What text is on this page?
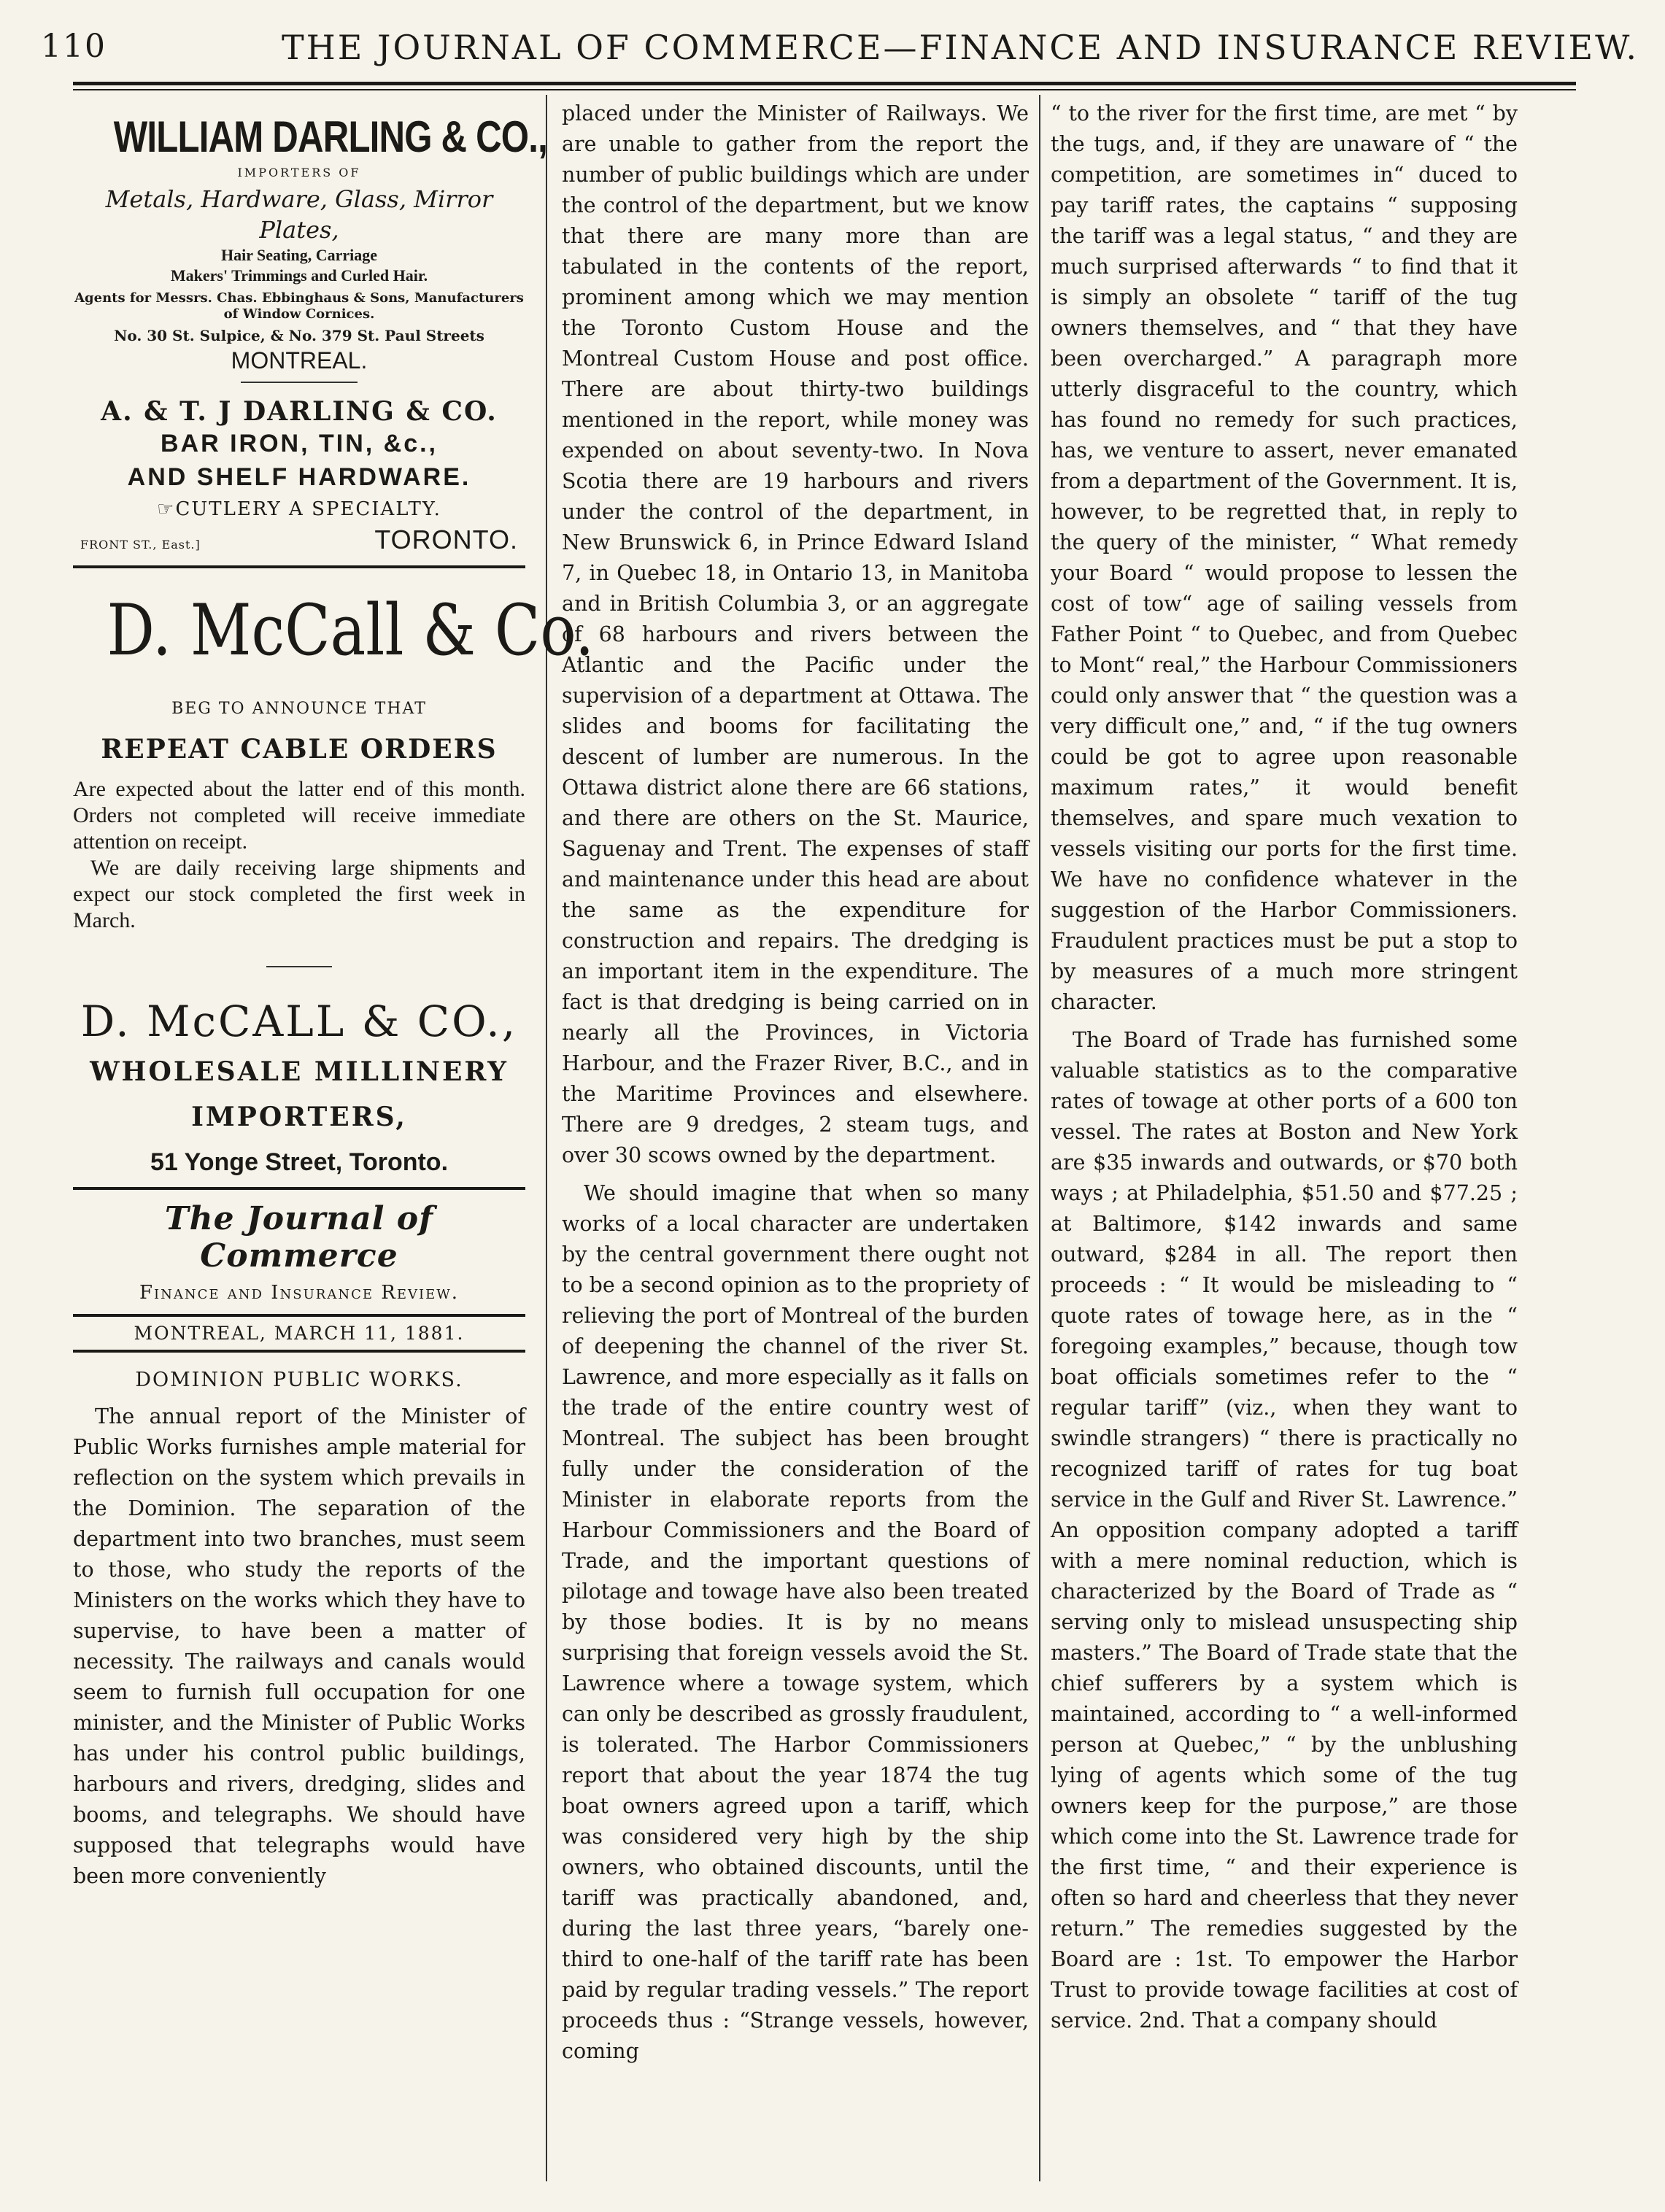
110	THE JOURNAL OF COMMERCE—FINANCE AND INSURANCE REVIEW.
WILLIAM DARLING & CO.,
IMPORTERS OF
Metals, Hardware, Glass, Mirror Plates,
Hair Seating, Carriage
Makers' Trimmings and Curled Hair.
Agents for Messrs. Chas. Ebbinghaus & Sons, Manufacturers of Window Cornices.
No. 30 St. Sulpice, & No. 379 St. Paul Streets
MONTREAL.
A. & T. J DARLING & CO.
BAR IRON, TIN, &c.,
AND SHELF HARDWARE.
☞CUTLERY A SPECIALTY.
FRONT ST., East.]	TORONTO.
D. McCall & Co.
BEG TO ANNOUNCE THAT
REPEAT CABLE ORDERS

Are expected about the latter end of this month. Orders not completed will receive immediate attention on receipt.

We are daily receiving large shipments and expect our stock completed the first week in March.

D. McCALL & CO.,
WHOLESALE MILLINERY
IMPORTERS,
51 Yonge Street, Toronto.
The Journal of Commerce
Finance and Insurance Review.
MONTREAL, MARCH 11, 1881.
DOMINION PUBLIC WORKS.

The annual report of the Minister of Public Works furnishes ample material for reflection on the system which prevails in the Dominion. The separation of the department into two branches, must seem to those, who study the reports of the Ministers on the works which they have to supervise, to have been a matter of necessity. The railways and canals would seem to furnish full occupation for one minister, and the Minister of Public Works has under his control public buildings, harbours and rivers, dredging, slides and booms, and telegraphs. We should have supposed that telegraphs would have been more conveniently

placed under the Minister of Railways. We are unable to gather from the report the number of public buildings which are under the control of the department, but we know that there are many more than are tabulated in the contents of the report, prominent among which we may mention the Toronto Custom House and the Montreal Custom House and post office. There are about thirty-two buildings mentioned in the report, while money was expended on about seventy-two. In Nova Scotia there are 19 harbours and rivers under the control of the department, in New Brunswick 6, in Prince Edward Island 7, in Quebec 18, in Ontario 13, in Manitoba and in British Columbia 3, or an aggregate of 68 harbours and rivers between the Atlantic and the Pacific under the supervision of a department at Ottawa. The slides and booms for facilitating the descent of lumber are numerous. In the Ottawa district alone there are 66 stations, and there are others on the St. Maurice, Saguenay and Trent. The expenses of staff and maintenance under this head are about the same as the expenditure for construction and repairs. The dredging is an important item in the expenditure. The fact is that dredging is being carried on in nearly all the Provinces, in Victoria Harbour, and the Frazer River, B.C., and in the Maritime Provinces and elsewhere. There are 9 dredges, 2 steam tugs, and over 30 scows owned by the department.

We should imagine that when so many works of a local character are undertaken by the central government there ought not to be a second opinion as to the propriety of relieving the port of Montreal of the burden of deepening the channel of the river St. Lawrence, and more especially as it falls on the trade of the entire country west of Montreal. The subject has been brought fully under the consideration of the Minister in elaborate reports from the Harbour Commissioners and the Board of Trade, and the important questions of pilotage and towage have also been treated by those bodies. It is by no means surprising that foreign vessels avoid the St. Lawrence where a towage system, which can only be described as grossly fraudulent, is tolerated. The Harbor Commissioners report that about the year 1874 the tug boat owners agreed upon a tariff, which was considered very high by the ship owners, who obtained discounts, until the tariff was practically abandoned, and, during the last three years, “barely one-third to one-half of the tariff rate has been paid by regular trading vessels.” The report proceeds thus : “Strange vessels, however, coming

“ to the river for the first time, are met “ by the tugs, and, if they are unaware of “ the competition, are sometimes in“ duced to pay tariff rates, the captains “ supposing the tariff was a legal status, “ and they are much surprised afterwards “ to find that it is simply an obsolete “ tariff of the tug owners themselves, and “ that they have been overcharged.” A paragraph more utterly disgraceful to the country, which has found no remedy for such practices, has, we venture to assert, never emanated from a department of the Government. It is, however, to be regretted that, in reply to the query of the minister, “ What remedy your Board “ would propose to lessen the cost of tow“ age of sailing vessels from Father Point “ to Quebec, and from Quebec to Mont“ real,” the Harbour Commissioners could only answer that “ the question was a very difficult one,” and, “ if the tug owners could be got to agree upon reasonable maximum rates,” it would benefit themselves, and spare much vexation to vessels visiting our ports for the first time. We have no confidence whatever in the suggestion of the Harbor Commissioners. Fraudulent practices must be put a stop to by measures of a much more stringent character.

The Board of Trade has furnished some valuable statistics as to the comparative rates of towage at other ports of a 600 ton vessel. The rates at Boston and New York are $35 inwards and outwards, or $70 both ways ; at Philadelphia, $51.50 and $77.25 ; at Baltimore, $142 inwards and same outward, $284 in all. The report then proceeds : “ It would be misleading to “ quote rates of towage here, as in the “ foregoing examples,” because, though tow boat officials sometimes refer to the “ regular tariff” (viz., when they want to swindle strangers) “ there is practically no recognized tariff of rates for tug boat service in the Gulf and River St. Lawrence.” An opposition company adopted a tariff with a mere nominal reduction, which is characterized by the Board of Trade as “ serving only to mislead unsuspecting ship masters.” The Board of Trade state that the chief sufferers by a system which is maintained, according to “ a well-informed person at Quebec,” “ by the unblushing lying of agents which some of the tug owners keep for the purpose,” are those which come into the St. Lawrence trade for the first time, “ and their experience is often so hard and cheerless that they never return.” The remedies suggested by the Board are : 1st. To empower the Harbor Trust to provide towage facilities at cost of service. 2nd. That a company should
